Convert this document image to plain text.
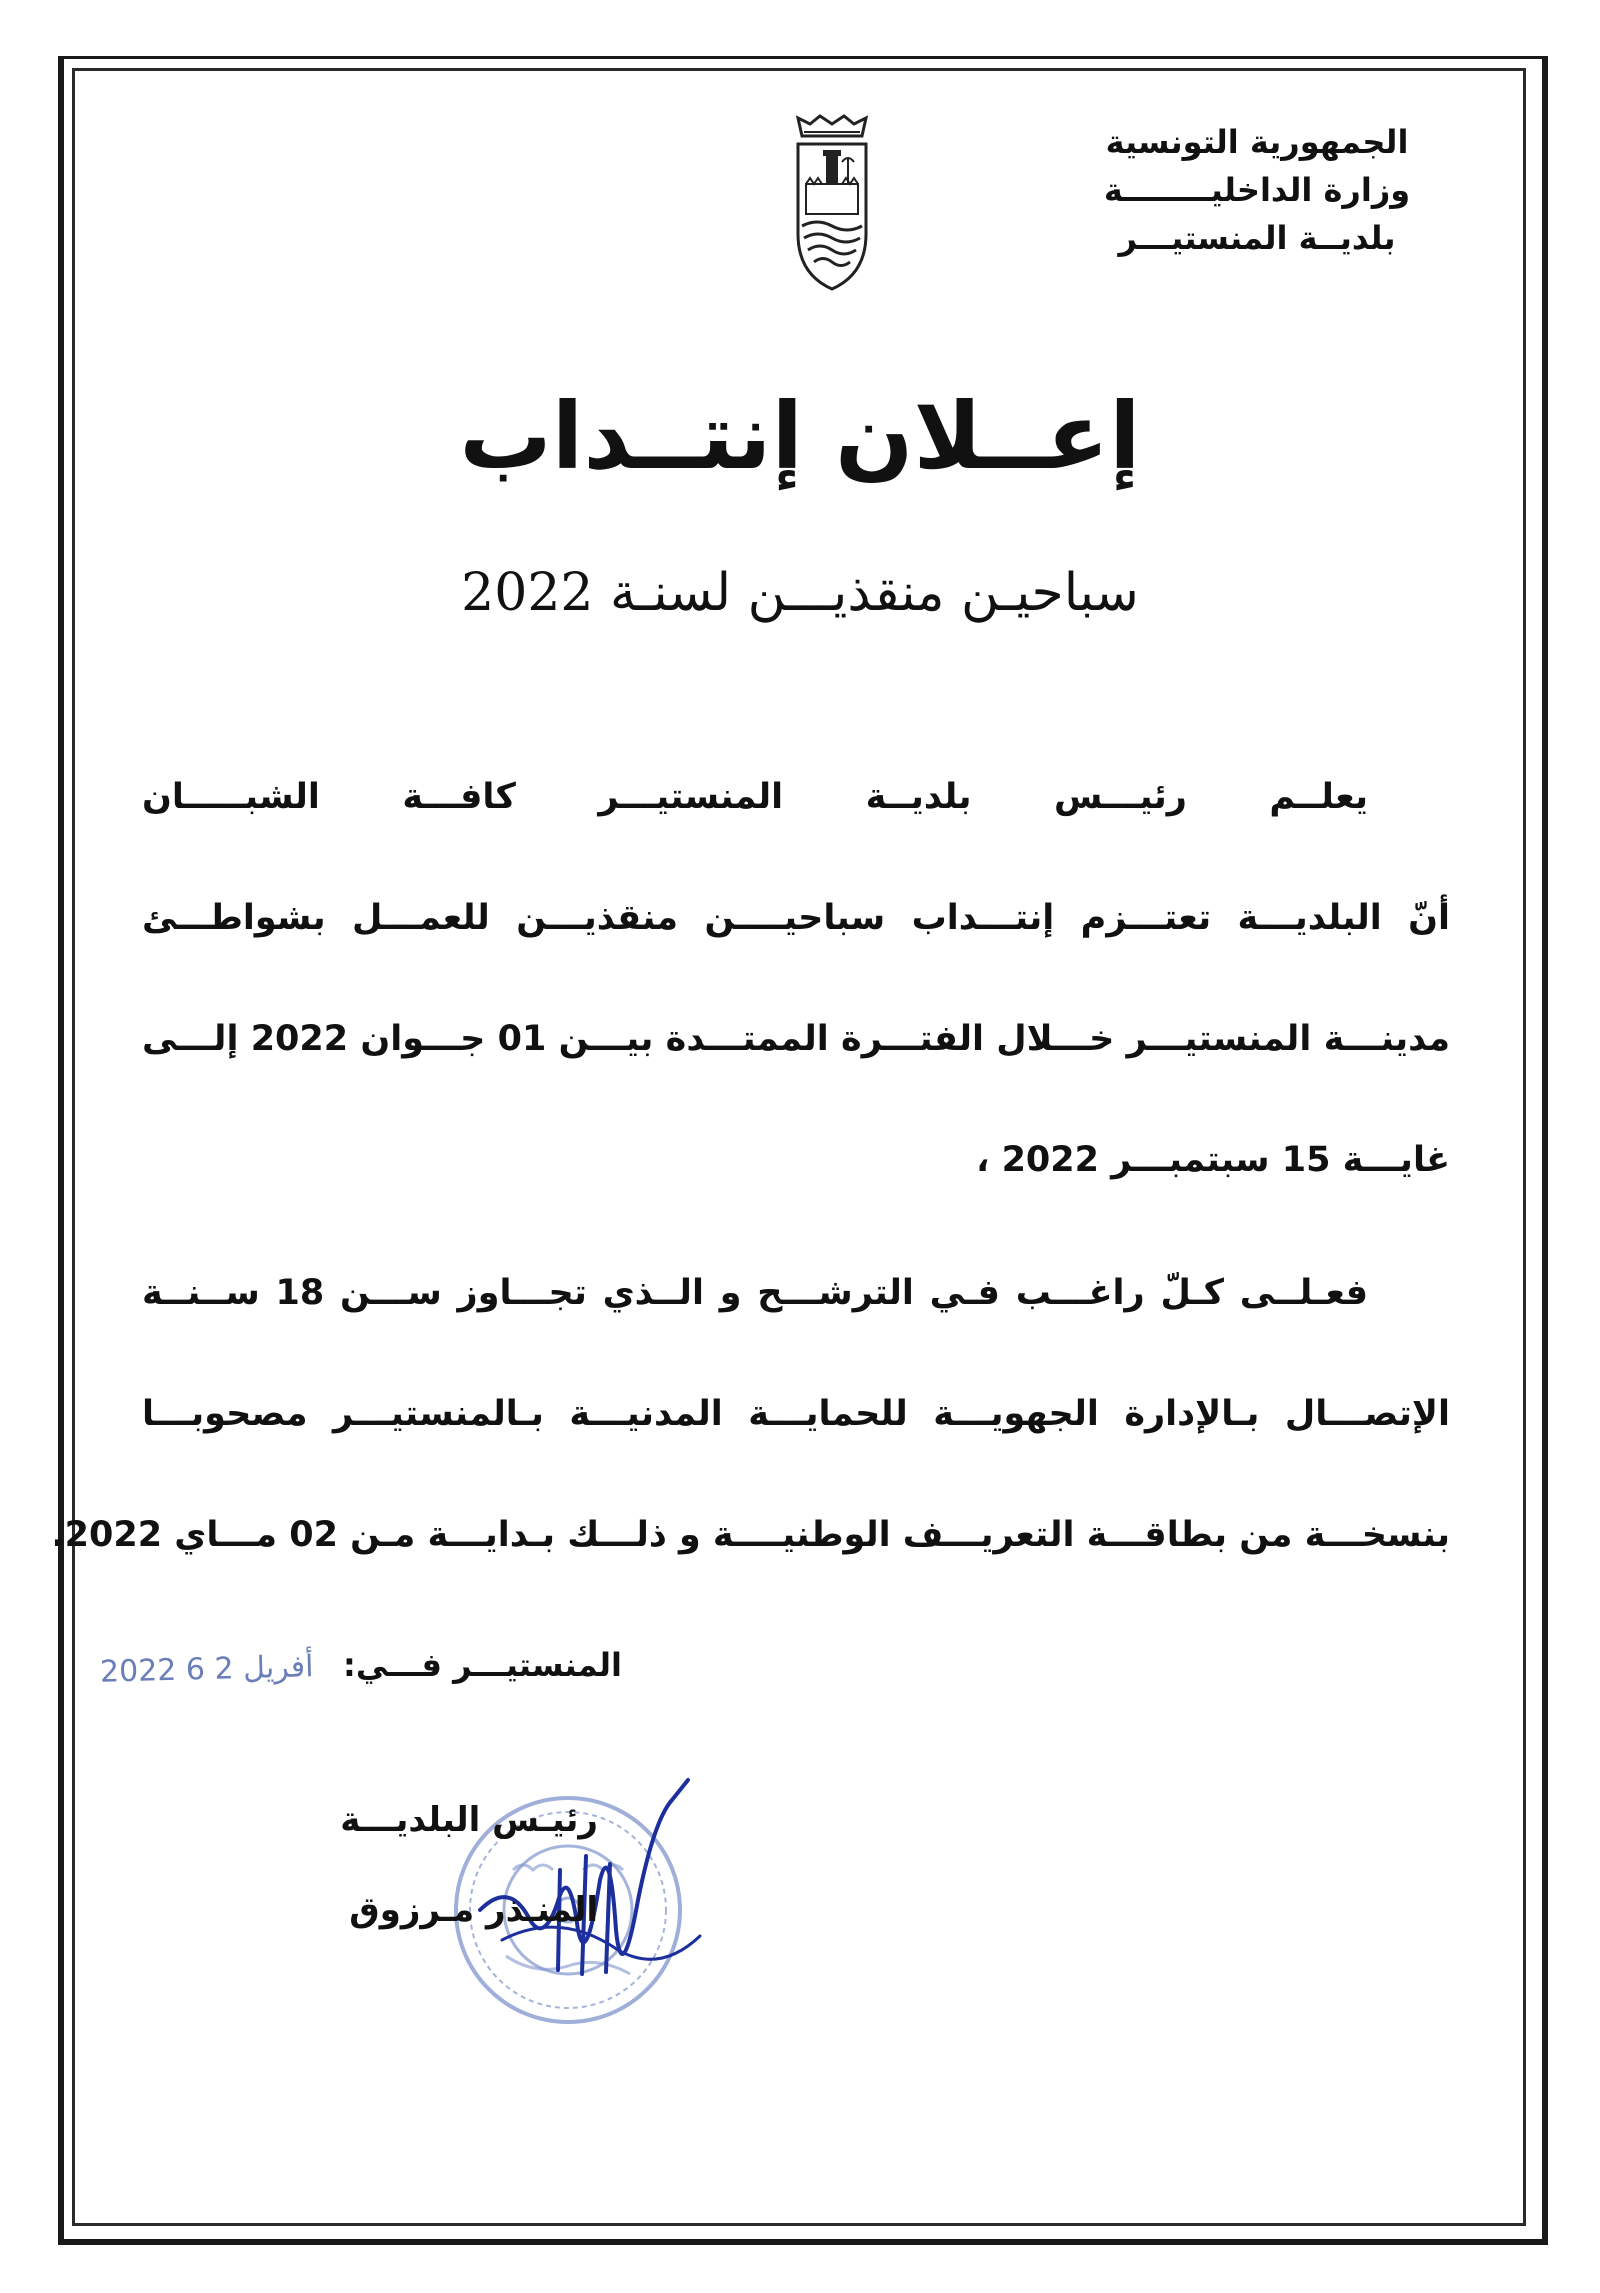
الجمهورية التونسية
وزارة الداخليــــــــة
بلديــة المنستيـــر
إعــلان إنتــداب
سباحيـن منقذيـــن لسنـة 2022
يعلــم رئيـــس بلديــة المنستيـــر كافـــة الشبـــــان
أنّ البلديـــة تعتـــزم إنتـــداب سباحيــــن منقذيـــن للعمـــل بشواطـــئ
مدينـــة المنستيـــر خـــلال الفتـــرة الممتـــدة بيـــن 01 جـــوان 2022 إلـــى
غايـــة 15 سبتمبـــر 2022 ،
فعـلــى كـلّ راغـــب فـي الترشـــح و الــذي تجـــاوز ســـن 18 ســنــة
الإتصـــال بـالإدارة الجهويـــة للحمايـــة المدنيـــة بـالمنستيـــر مصحوبـــا
بنسخـــة من بطاقـــة التعريـــف الوطنيــــة و ذلـــك بـدايـــة مـن 02 مـــاي 2022.
المنستيـــر فـــي:
2022 أفريل 2 6
رئيـس البلديـــة
المنـذر مـرزوق
